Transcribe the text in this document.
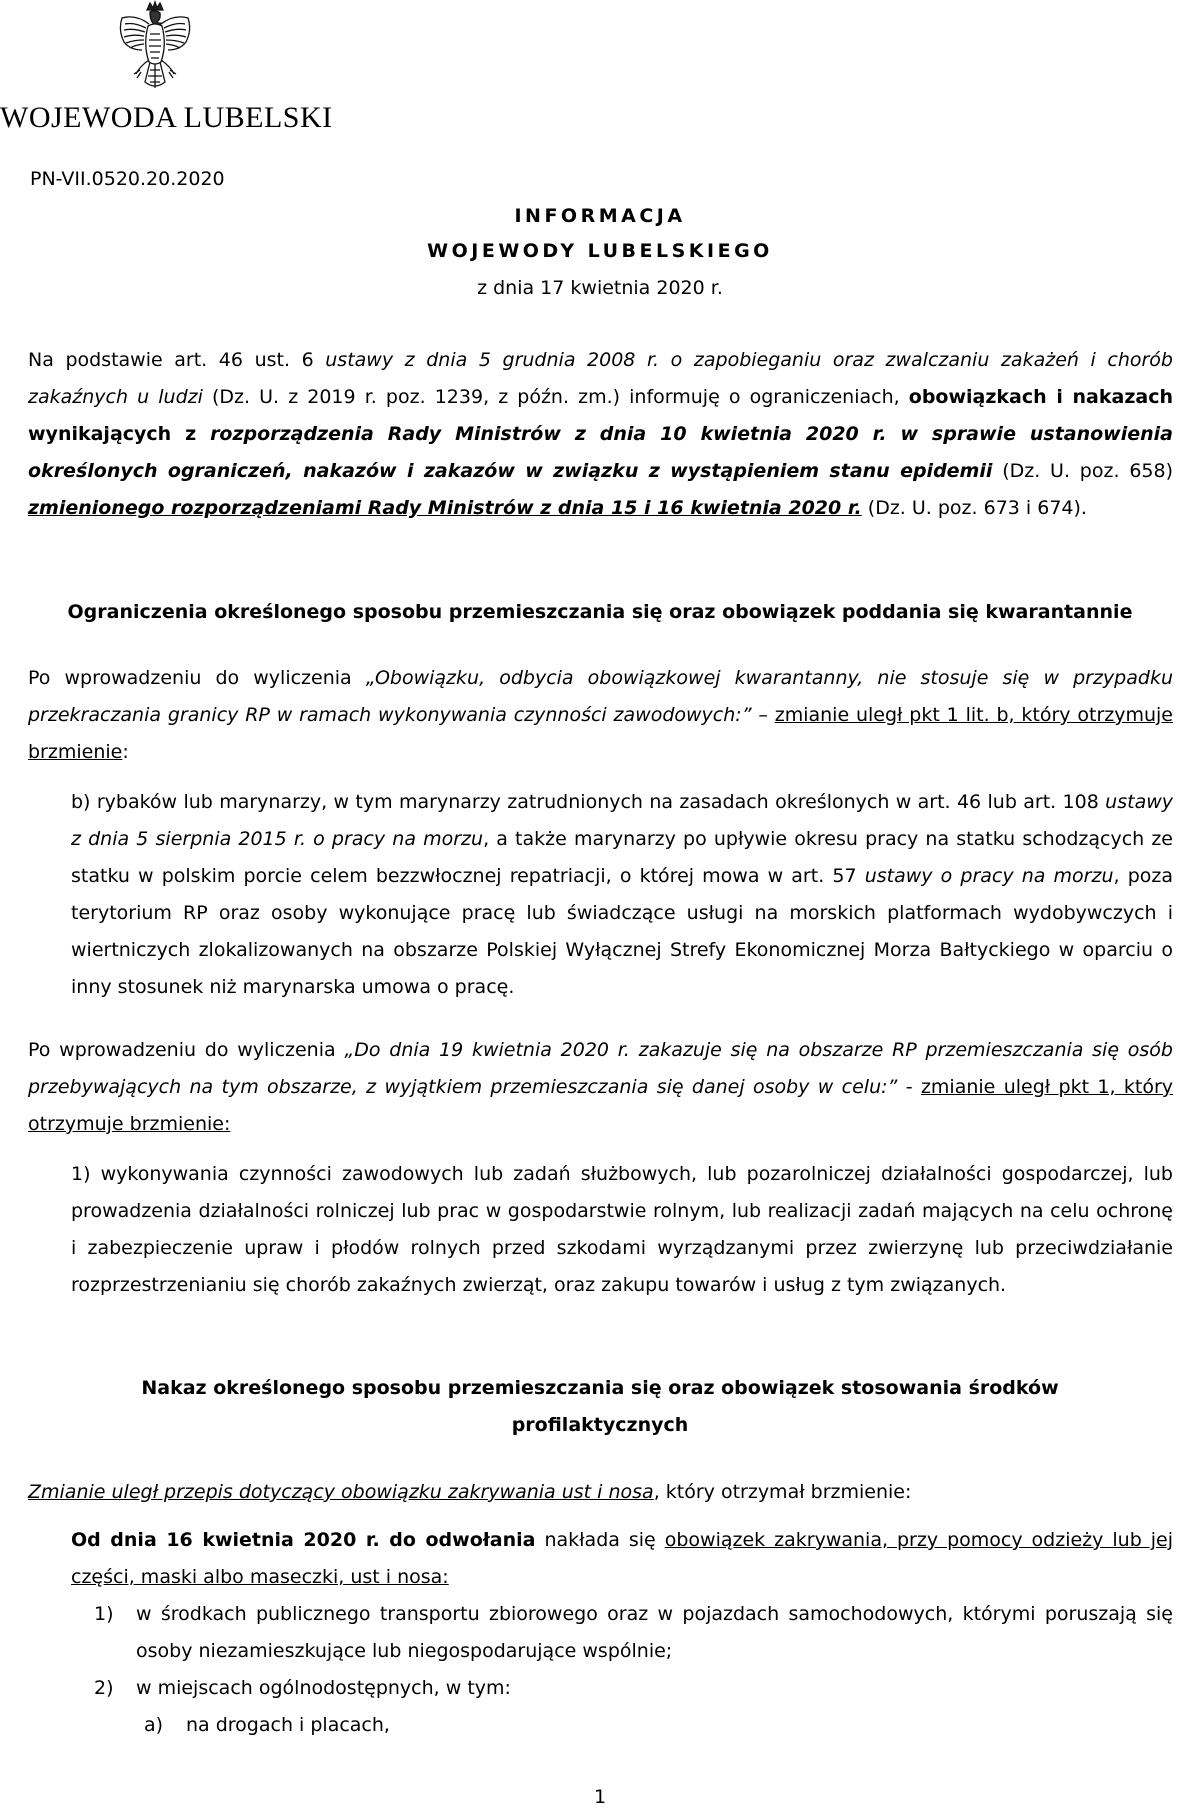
WOJEWODA LUBELSKI
PN-VII.0520.20.2020
INFORMACJA
WOJEWODY LUBELSKIEGO
z dnia 17 kwietnia 2020 r.
Na podstawie art. 46 ust. 6 ustawy z dnia 5 grudnia 2008 r. o zapobieganiu oraz zwalczaniu zakażeń i chorób zakaźnych u ludzi (Dz. U. z 2019 r. poz. 1239, z późn. zm.) informuję o ograniczeniach, obowiązkach i nakazach wynikających z rozporządzenia Rady Ministrów z dnia 10 kwietnia 2020 r. w sprawie ustanowienia określonych ograniczeń, nakazów i zakazów w związku z wystąpieniem stanu epidemii (Dz. U. poz. 658) zmienionego rozporządzeniami Rady Ministrów z dnia 15 i 16 kwietnia 2020 r. (Dz. U. poz. 673 i 674).
Ograniczenia określonego sposobu przemieszczania się oraz obowiązek poddania się kwarantannie
Po wprowadzeniu do wyliczenia „Obowiązku, odbycia obowiązkowej kwarantanny, nie stosuje się w przypadku przekraczania granicy RP w ramach wykonywania czynności zawodowych:” – zmianie uległ pkt 1 lit. b, który otrzymuje brzmienie:
b) rybaków lub marynarzy, w tym marynarzy zatrudnionych na zasadach określonych w art. 46 lub art. 108 ustawy z dnia 5 sierpnia 2015 r. o pracy na morzu, a także marynarzy po upływie okresu pracy na statku schodzących ze statku w polskim porcie celem bezzwłocznej repatriacji, o której mowa w art. 57 ustawy o pracy na morzu, poza terytorium RP oraz osoby wykonujące pracę lub świadczące usługi na morskich platformach wydobywczych i wiertniczych zlokalizowanych na obszarze Polskiej Wyłącznej Strefy Ekonomicznej Morza Bałtyckiego w oparciu o inny stosunek niż marynarska umowa o pracę.
Po wprowadzeniu do wyliczenia „Do dnia 19 kwietnia 2020 r. zakazuje się na obszarze RP przemieszczania się osób przebywających na tym obszarze, z wyjątkiem przemieszczania się danej osoby w celu:” - zmianie uległ pkt 1, który otrzymuje brzmienie:
1) wykonywania czynności zawodowych lub zadań służbowych, lub pozarolniczej działalności gospodarczej, lub prowadzenia działalności rolniczej lub prac w gospodarstwie rolnym, lub realizacji zadań mających na celu ochronę i zabezpieczenie upraw i płodów rolnych przed szkodami wyrządzanymi przez zwierzynę lub przeciwdziałanie rozprzestrzenianiu się chorób zakaźnych zwierząt, oraz zakupu towarów i usług z tym związanych.
Nakaz określonego sposobu przemieszczania się oraz obowiązek stosowania środków
profilaktycznych
Zmianie uległ przepis dotyczący obowiązku zakrywania ust i nosa, który otrzymał brzmienie:
Od dnia 16 kwietnia 2020 r. do odwołania nakłada się obowiązek zakrywania, przy pomocy odzieży lub jej części, maski albo maseczki, ust i nosa:
1) w środkach publicznego transportu zbiorowego oraz w pojazdach samochodowych, którymi poruszają się osoby niezamieszkujące lub niegospodarujące wspólnie;
2) w miejscach ogólnodostępnych, w tym:
a) na drogach i placach,
1
